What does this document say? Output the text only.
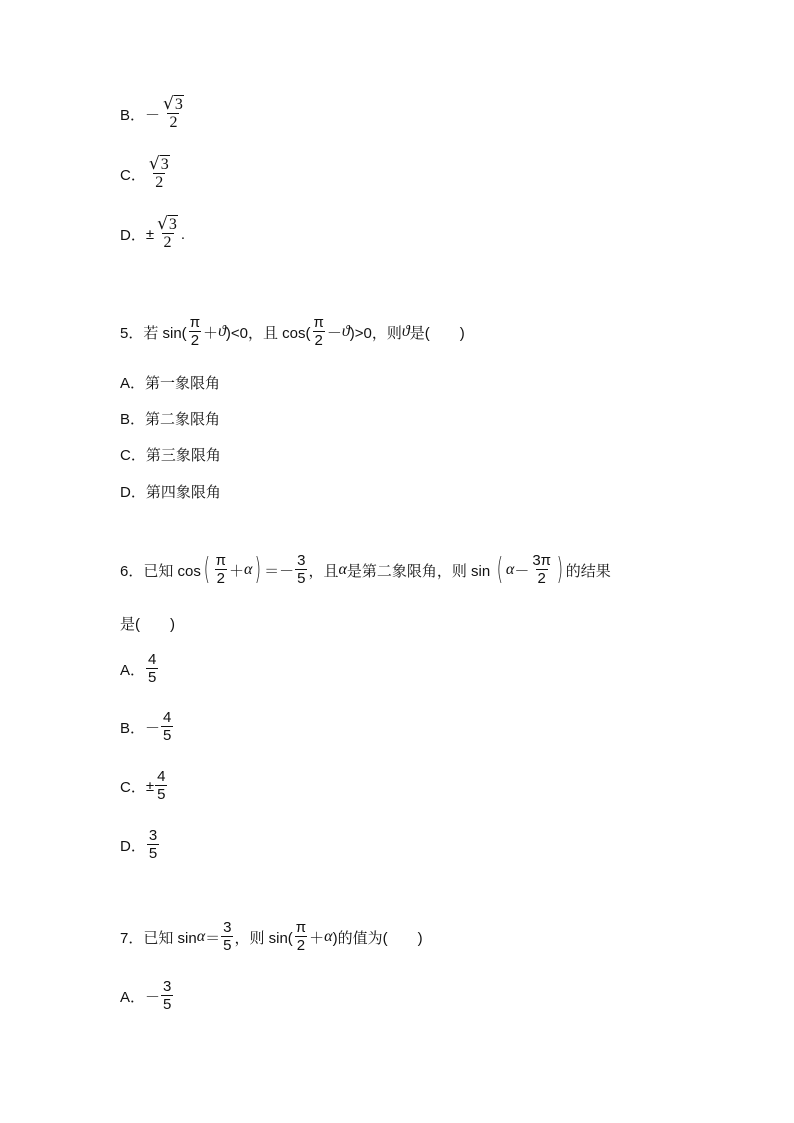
B． －
√3
2
C．
√3
2
D． ± $\frac{√3}{2}$ .
5．若 sin(
π
2 ＋ ϑ )<0，且 cos(
π
2 － ϑ )>0，则 ϑ 是(　　)
A． 第一象限角
B． 第二象限角
C． 第三象限角
D． 第四象限角
6．已知 cos ( π
2 ＋ α ) ＝－
3
5 ，且 α 是第二象限角，则 sin ( α －
3π
2 ) 的结果
是(　　)
A．
4
5
B． －
4
5
C． ± $\frac{4}{5}$
D．
3
5
7．已知 sin α ＝
3
5 ，则 sin(
π
2 ＋ α )的值为(　　)
A． －
3
5
